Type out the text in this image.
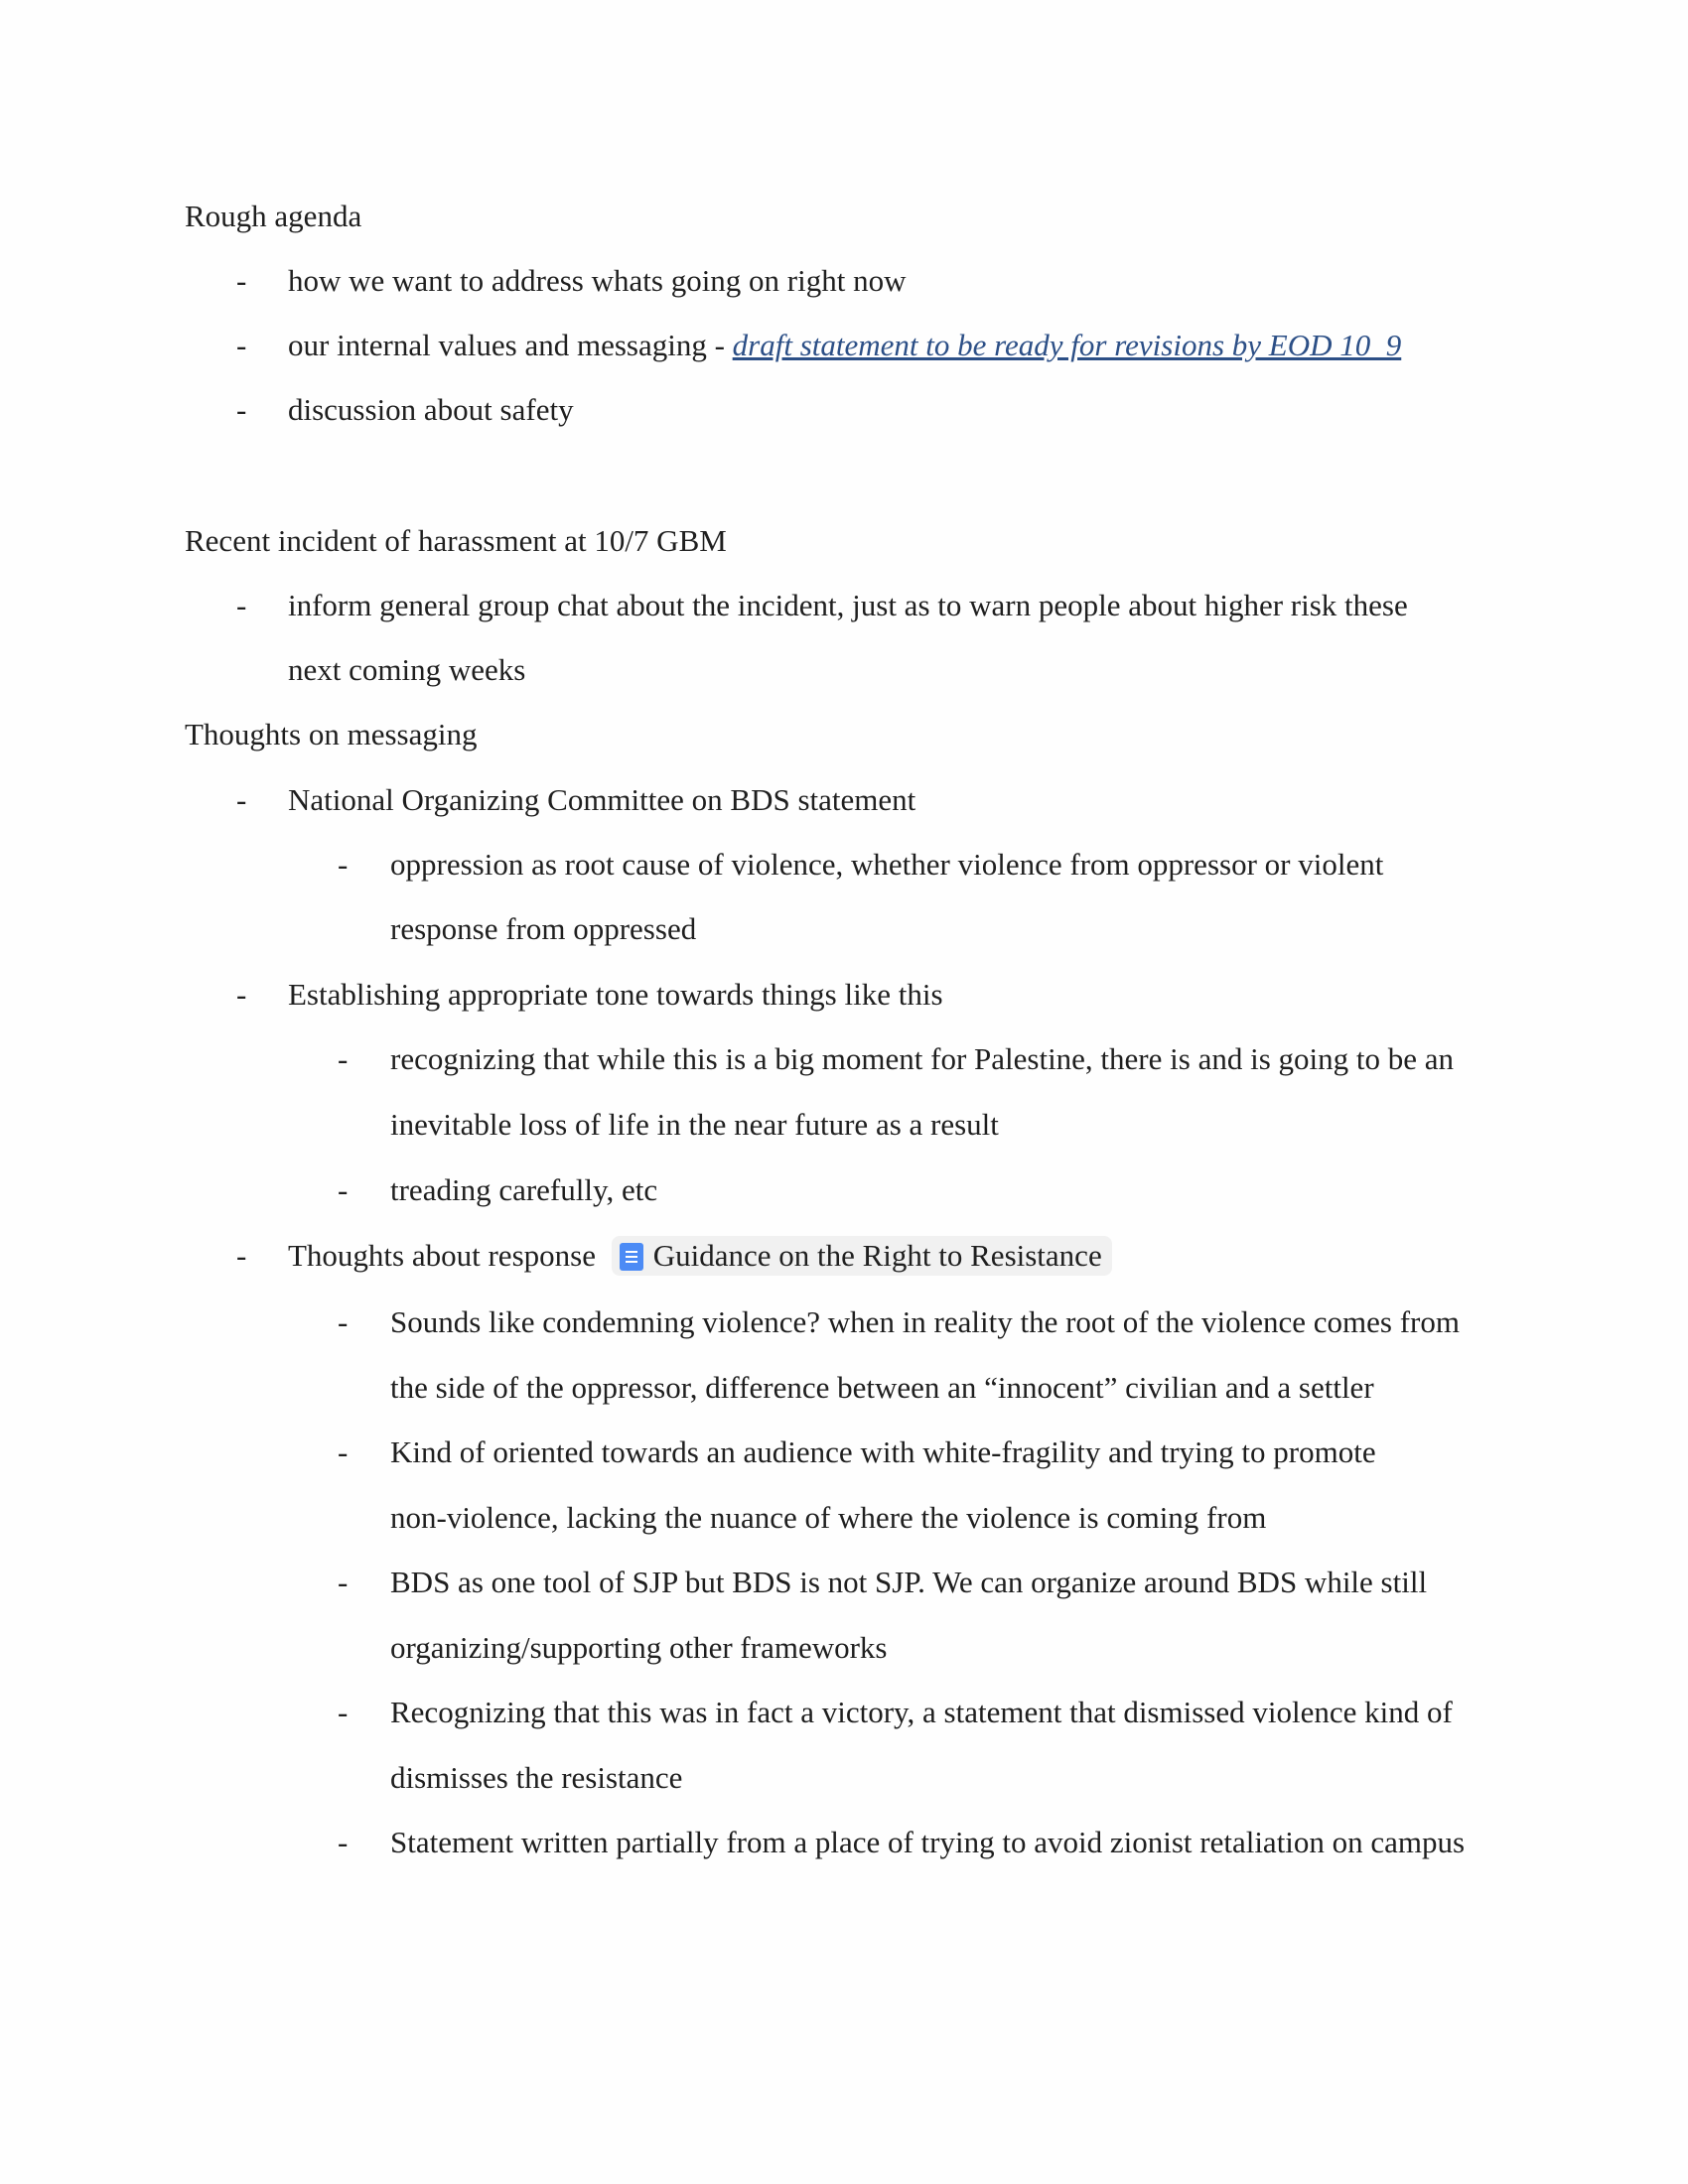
Rough agenda
- how we want to address whats going on right now
- our internal values and messaging - draft statement to be ready for revisions by EOD 10_9
- discussion about safety
Recent incident of harassment at 10/7 GBM
- inform general group chat about the incident, just as to warn people about higher risk these
next coming weeks
Thoughts on messaging
- National Organizing Committee on BDS statement
- oppression as root cause of violence, whether violence from oppressor or violent
response from oppressed
- Establishing appropriate tone towards things like this
- recognizing that while this is a big moment for Palestine, there is and is going to be an
inevitable loss of life in the near future as a result
- treading carefully, etc
- Thoughts about response Guidance on the Right to Resistance
- Sounds like condemning violence? when in reality the root of the violence comes from
the side of the oppressor, difference between an “innocent” civilian and a settler
- Kind of oriented towards an audience with white-fragility and trying to promote
non-violence, lacking the nuance of where the violence is coming from
- BDS as one tool of SJP but BDS is not SJP. We can organize around BDS while still
organizing/supporting other frameworks
- Recognizing that this was in fact a victory, a statement that dismissed violence kind of
dismisses the resistance
- Statement written partially from a place of trying to avoid zionist retaliation on campus
